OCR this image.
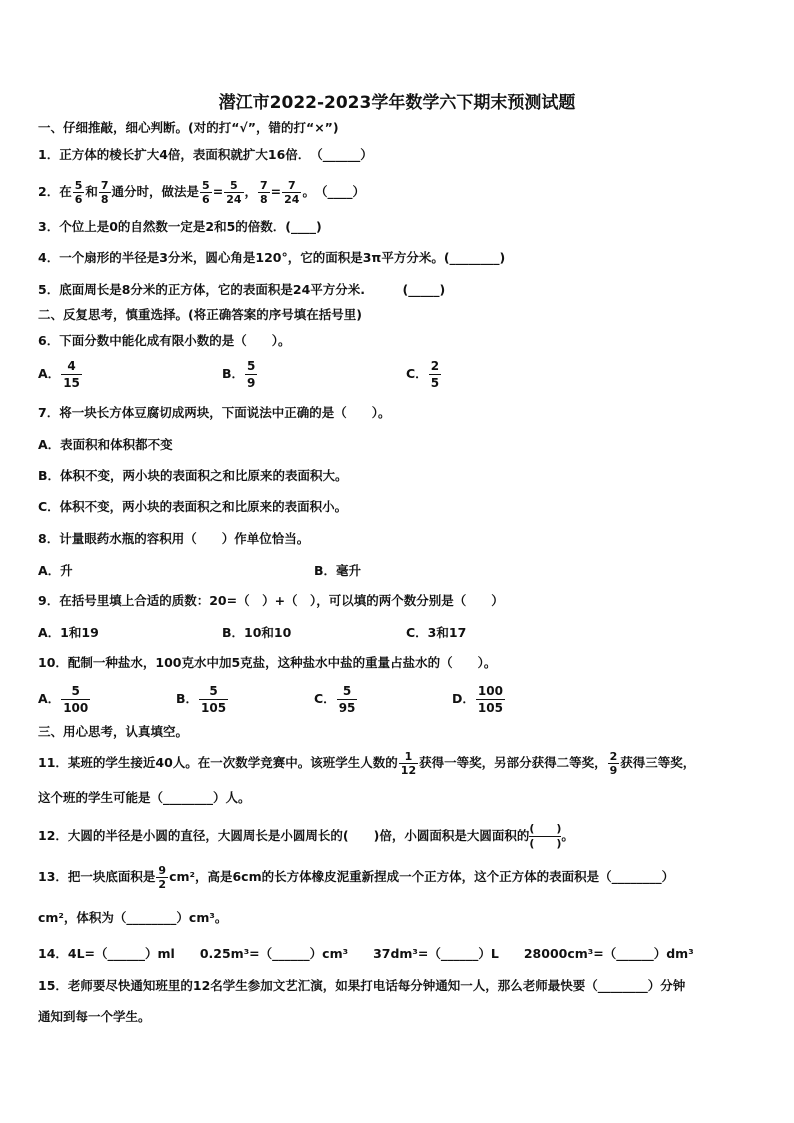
潜江市2022-2023学年数学六下期末预测试题
一、仔细推敲，细心判断。(对的打“√”，错的打“×”)
1．正方体的棱长扩大4倍，表面积就扩大16倍．　（______）
2．在 $\frac{5}{6}$ 和 $\frac{7}{8}$ 通分时，做法是 $\frac{5}{6} = \frac{5}{24}$ ， $\frac{7}{8} = \frac{7}{24}$ 。　（____）
3．个位上是0的自然数一定是2和5的倍数．(____)
4．一个扇形的半径是3分米，圆心角是120°，它的面积是3π平方分米。(________)
5．底面周长是8分米的正方体，它的表面积是24平方分米.　　　(_____)
二、反复思考，慎重选择。(将正确答案的序号填在括号里)
6．下面分数中能化成有限小数的是（　　）。
A． $\frac{4}{15}$	B． $\frac{5}{9}$	C． $\frac{2}{5}$
7．将一块长方体豆腐切成两块，下面说法中正确的是（　　）。
A．表面积和体积都不变
B．体积不变，两小块的表面积之和比原来的表面积大。
C．体积不变，两小块的表面积之和比原来的表面积小。
8．计量眼药水瓶的容积用（　　）作单位恰当。
A．升	B．毫升
9．在括号里填上合适的质数：20=（　）+（　），可以填的两个数分别是（　　）
A．1和19	B．10和10	C．3和17
10．配制一种盐水，100克水中加5克盐，这种盐水中盐的重量占盐水的（　　）。
A． $\frac{5}{100}$	B． $\frac{5}{105}$	C． $\frac{5}{95}$	D． $\frac{100}{105}$
三、用心思考，认真填空。
11．某班的学生接近40人。在一次数学竞赛中。该班学生人数的 $\frac{1}{12}$ 获得一等奖，另部分获得二等奖， $\frac{2}{9}$ 获得三等奖，
这个班的学生可能是（________）人。
12．大圆的半径是小圆的直径，大圆周长是小圆周长的(　　)倍，小圆面积是大圆面积的 (　　)
(　　)
。
13．把一块底面积是 $\frac{9}{2} cm^2$，高是6cm的长方体橡皮泥重新捏成一个正方体，这个正方体的表面积是（________）
cm²，体积为（________）cm³。
14．4L=（______）ml　　0.25m³=（______）cm³　　37dm³=（______）L　　28000cm³=（______）dm³
15．老师要尽快通知班里的12名学生参加文艺汇演，如果打电话每分钟通知一人，那么老师最快要（________）分钟
通知到每一个学生。
